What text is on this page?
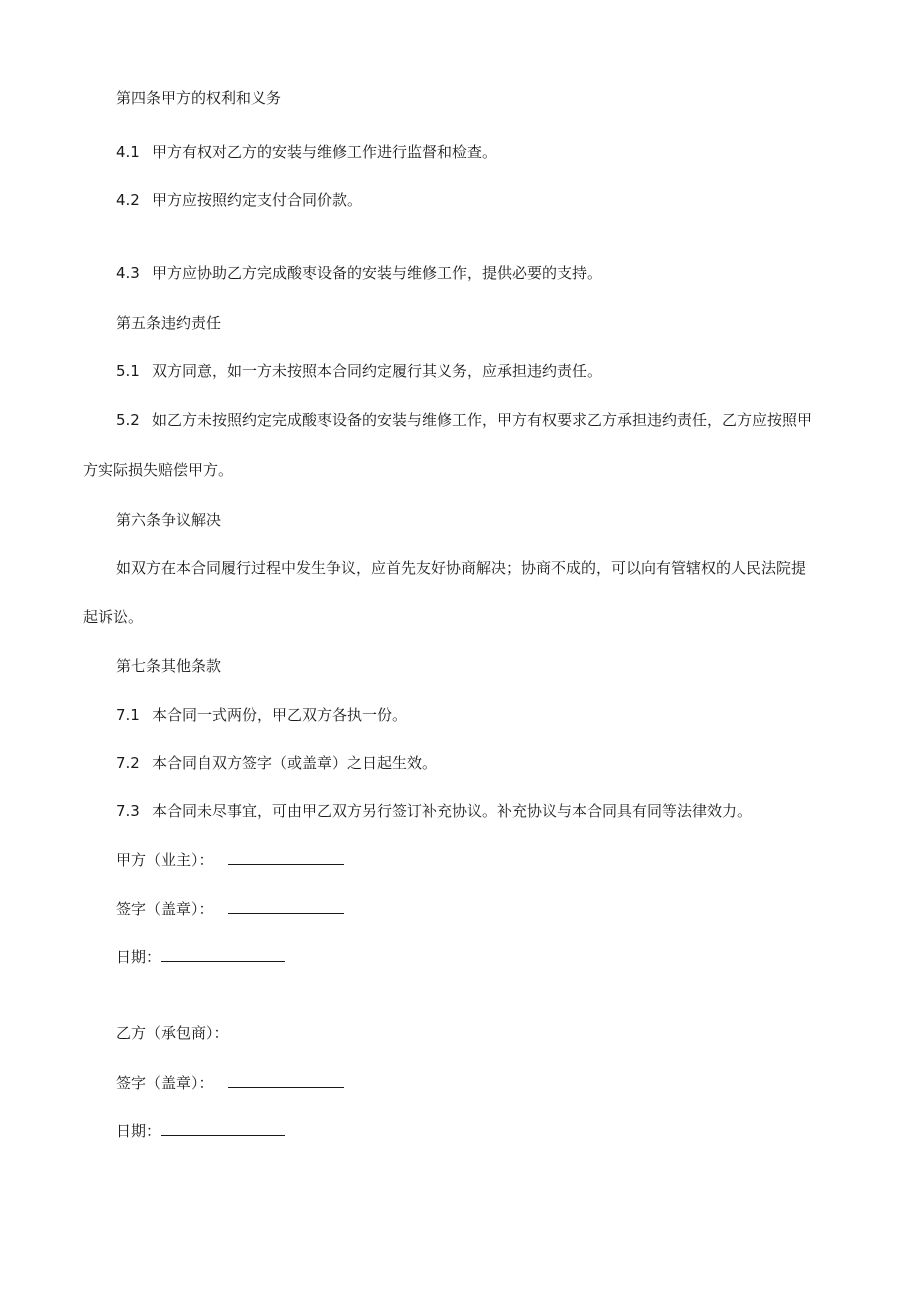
第四条甲方的权利和义务
4.1 甲方有权对乙方的安装与维修工作进行监督和检查。
4.2 甲方应按照约定支付合同价款。
4.3 甲方应协助乙方完成酸枣设备的安装与维修工作，提供必要的支持。
第五条违约责任
5.1 双方同意，如一方未按照本合同约定履行其义务，应承担违约责任。
5.2 如乙方未按照约定完成酸枣设备的安装与维修工作，甲方有权要求乙方承担违约责任，乙方应按照甲
方实际损失赔偿甲方。
第六条争议解决
如双方在本合同履行过程中发生争议，应首先友好协商解决；协商不成的，可以向有管辖权的人民法院提
起诉讼。
第七条其他条款
7.1 本合同一式两份，甲乙双方各执一份。
7.2 本合同自双方签字（或盖章）之日起生效。
7.3 本合同未尽事宜，可由甲乙双方另行签订补充协议。补充协议与本合同具有同等法律效力。
甲方（业主）：
签字（盖章）：
日期：
乙方（承包商）：
签字（盖章）：
日期：
